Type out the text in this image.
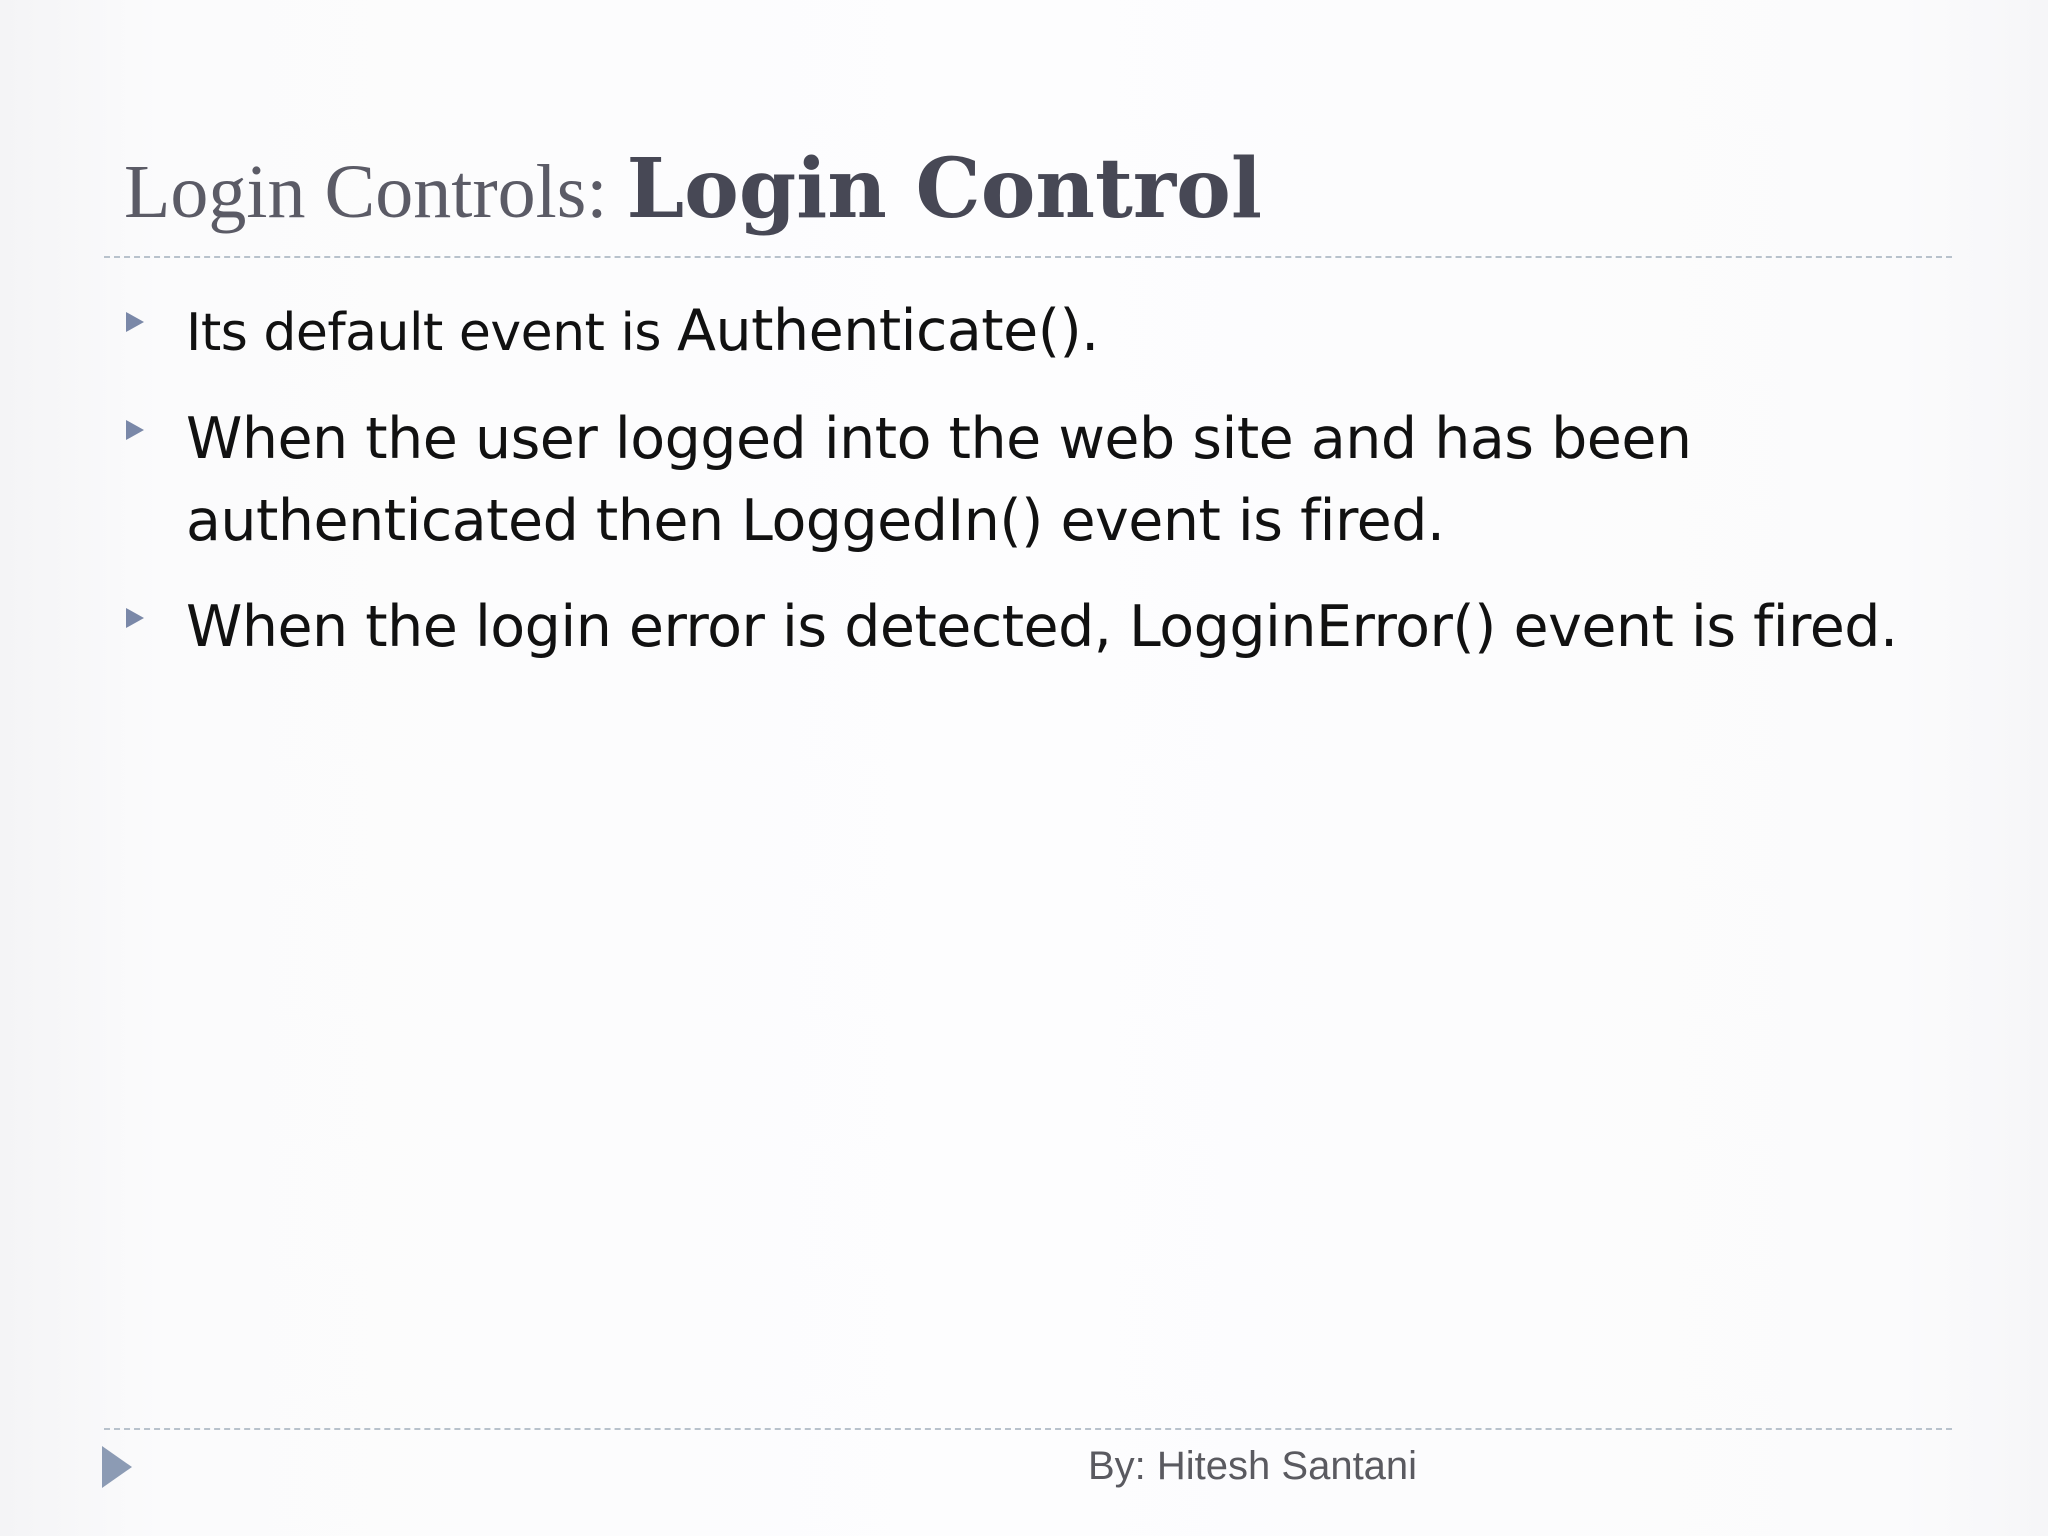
Login Controls: Login Control
Its default event is Authenticate().
When the user logged into the web site and has been authenticated then LoggedIn() event is fired.
When the login error is detected, LogginError() event is fired.
By: Hitesh Santani
